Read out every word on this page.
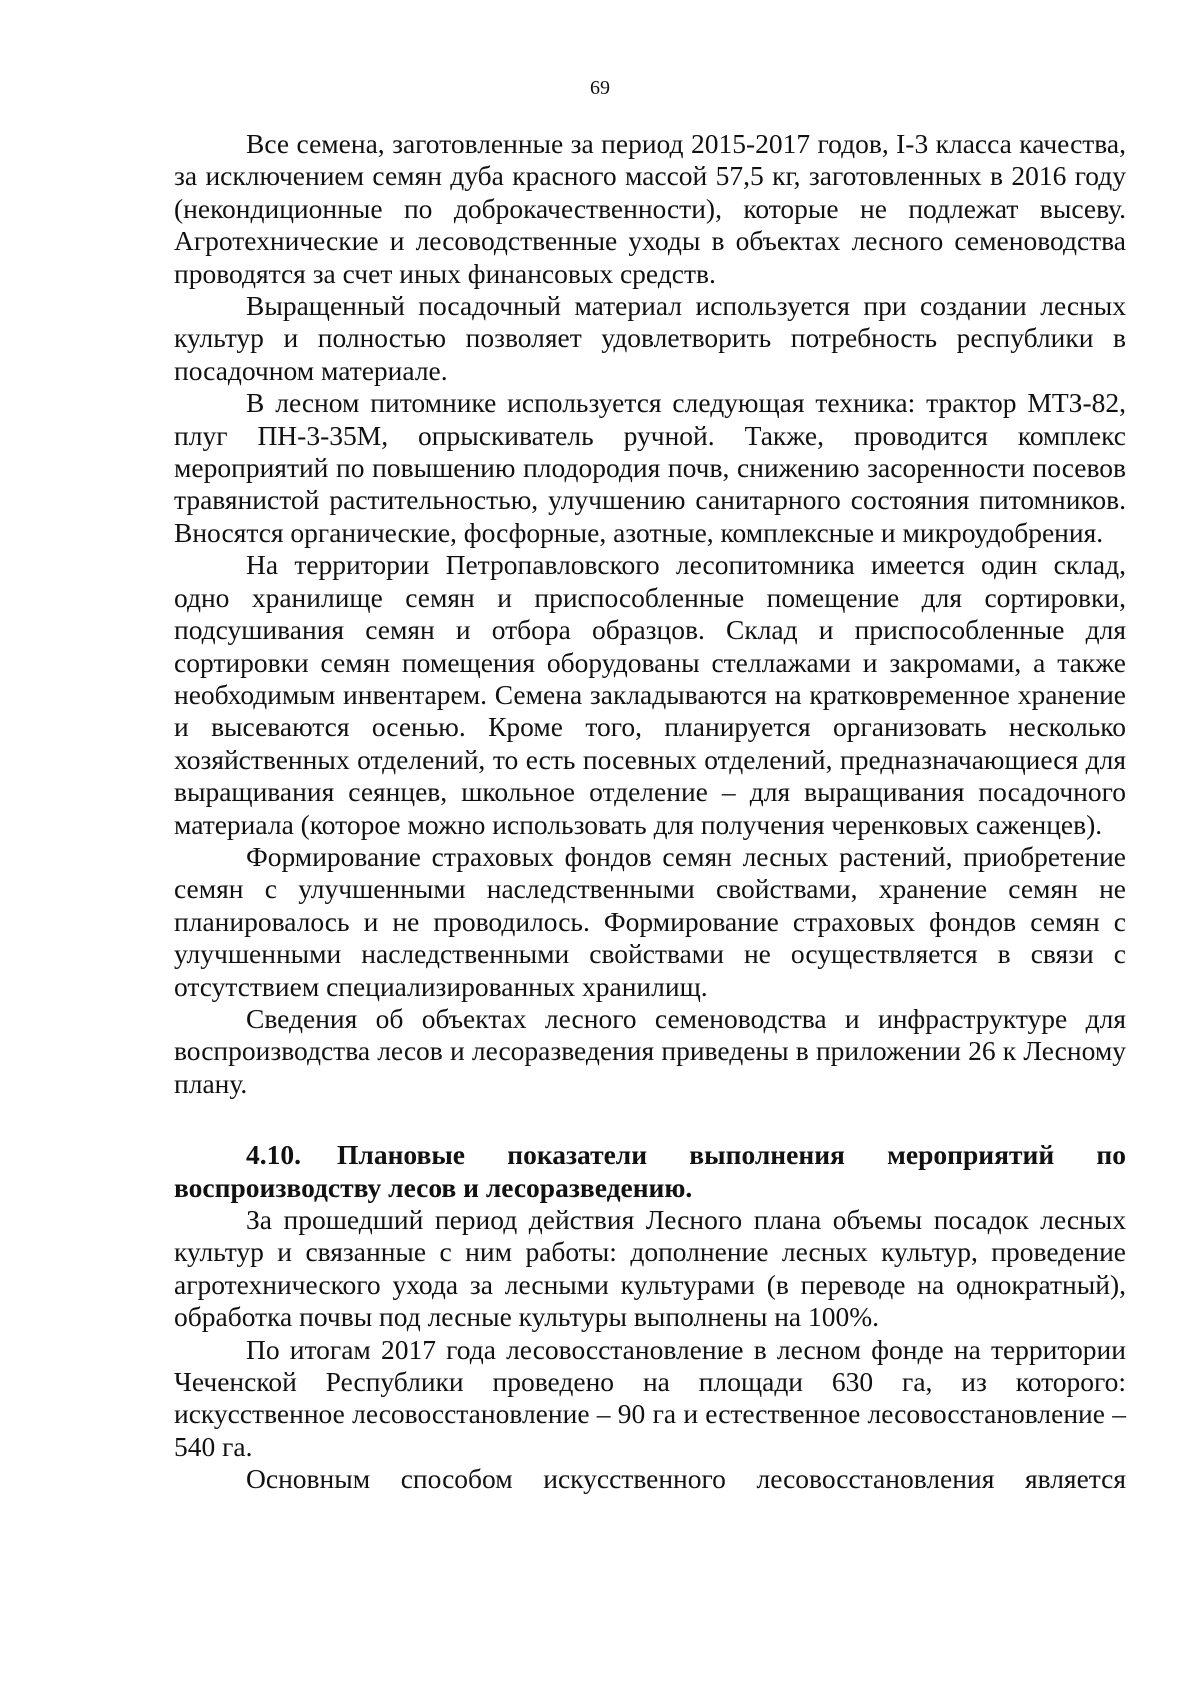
69

Все семена, заготовленные за период 2015-2017 годов, I-3 класса качества, за исключением семян дуба красного массой 57,5 кг, заготовленных в 2016 году (некондиционные по доброкачественности), которые не подлежат высеву. Агротехнические и лесоводственные уходы в объектах лесного семеноводства проводятся за счет иных финансовых средств.

Выращенный посадочный материал используется при создании лесных культур и полностью позволяет удовлетворить потребность республики в посадочном материале.

В лесном питомнике используется следующая техника: трактор МТЗ-82, плуг ПН-3-35М, опрыскиватель ручной. Также, проводится комплекс мероприятий по повышению плодородия почв, снижению засоренности посевов травянистой растительностью, улучшению санитарного состояния питомников. Вносятся органические, фосфорные, азотные, комплексные и микроудобрения.

На территории Петропавловского лесопитомника имеется один склад, одно хранилище семян и приспособленные помещение для сортировки, подсушивания семян и отбора образцов. Склад и приспособленные для сортировки семян помещения оборудованы стеллажами и закромами, а также необходимым инвентарем. Семена закладываются на кратковременное хранение и высеваются осенью. Кроме того, планируется организовать несколько хозяйственных отделений, то есть посевных отделений, предназначающиеся для выращивания сеянцев, школьное отделение – для выращивания посадочного материала (которое можно использовать для получения черенковых саженцев).

Формирование страховых фондов семян лесных растений, приобретение семян с улучшенными наследственными свойствами, хранение семян не планировалось и не проводилось. Формирование страховых фондов семян с улучшенными наследственными свойствами не осуществляется в связи с отсутствием специализированных хранилищ.

Сведения об объектах лесного семеноводства и инфраструктуре для воспроизводства лесов и лесоразведения приведены в приложении 26 к Лесному плану.

4.10. Плановые показатели выполнения мероприятий по воспроизводству лесов и лесоразведению.

За прошедший период действия Лесного плана объемы посадок лесных культур и связанные с ним работы: дополнение лесных культур, проведение агротехнического ухода за лесными культурами (в переводе на однократный), обработка почвы под лесные культуры выполнены на 100%.

По итогам 2017 года лесовосстановление в лесном фонде на территории Чеченской Республики проведено на площади 630 га, из которого: искусственное лесовосстановление – 90 га и естественное лесовосстановление – 540 га.

Основным способом искусственного лесовосстановления является
